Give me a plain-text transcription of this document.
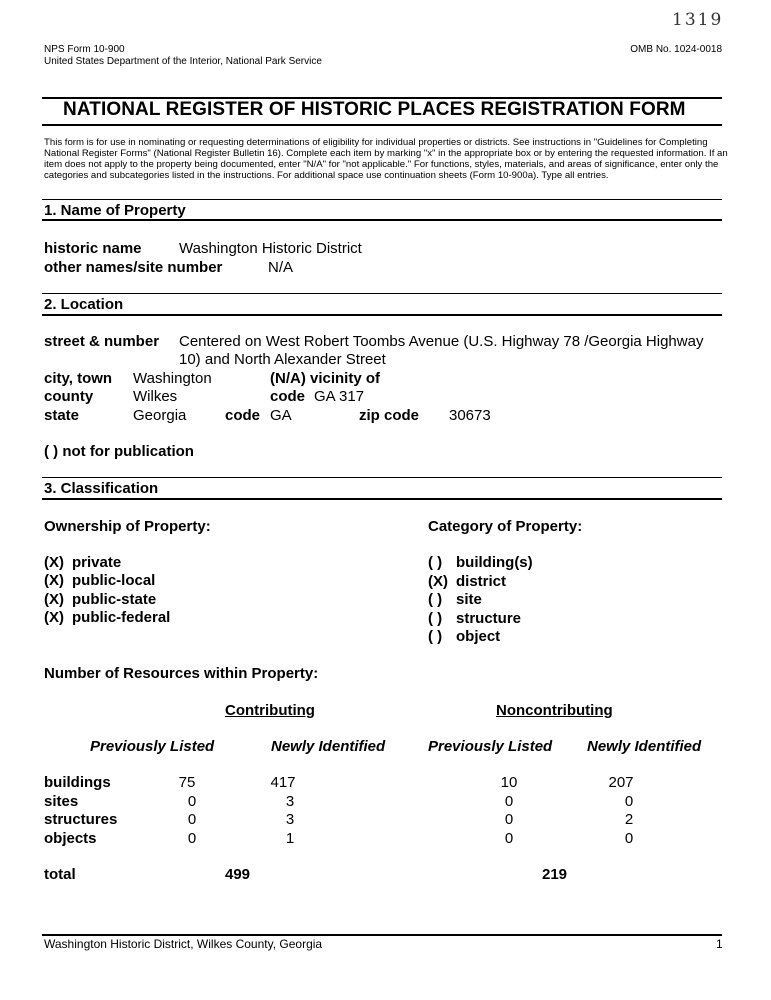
1319
NPS Form 10-900
United States Department of the Interior, National Park Service
OMB No. 1024-0018
NATIONAL REGISTER OF HISTORIC PLACES REGISTRATION FORM
This form is for use in nominating or requesting determinations of eligibility for individual properties or districts. See instructions in "Guidelines for Completing National Register Forms" (National Register Bulletin 16). Complete each item by marking "x" in the appropriate box or by entering the requested information. If an item does not apply to the property being documented, enter "N/A" for "not applicable." For functions, styles, materials, and areas of significance, enter only the categories and subcategories listed in the instructions. For additional space use continuation sheets (Form 10-900a). Type all entries.
1. Name of Property
historic name Washington Historic District
other names/site number	N/A
2. Location
street & number Centered on West Robert Toombs Avenue (U.S. Highway 78 /Georgia Highway
10) and North Alexander Street
city, town Washington	(N/A) vicinity of
county	Wilkes	code GA 317
state	Georgia	code GA	zip code 30673
( ) not for publication
3. Classification
Ownership of Property:	Category of Property:
(X) private
(X) public-local
(X) public-state
(X) public-federal
( ) building(s)
(X) district
( ) site
( ) structure
( ) object
Number of Resources within Property:
Contributing	Noncontributing
Previously Listed	Newly Identified	Previously Listed Newly Identified
buildings	75	417	10	207
sites	0	3	0	0
structures	0	3	0	2
objects	0	1	0	0
total	499	219
Washington Historic District, Wilkes County, Georgia	1
